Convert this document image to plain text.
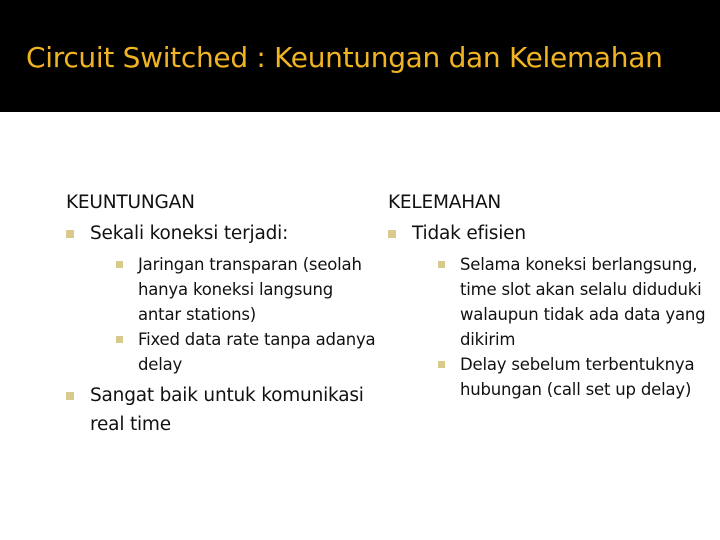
Circuit Switched : Keuntungan dan Kelemahan
KEUNTUNGAN
Sekali koneksi terjadi:
Jaringan transparan (seolah hanya koneksi langsung antar stations)
Fixed data rate tanpa adanya delay
Sangat baik untuk komunikasi real time
KELEMAHAN
Tidak efisien
Selama koneksi berlangsung, time slot akan selalu diduduki walaupun tidak ada data yang dikirim
Delay sebelum terbentuknya hubungan (call set up delay)
